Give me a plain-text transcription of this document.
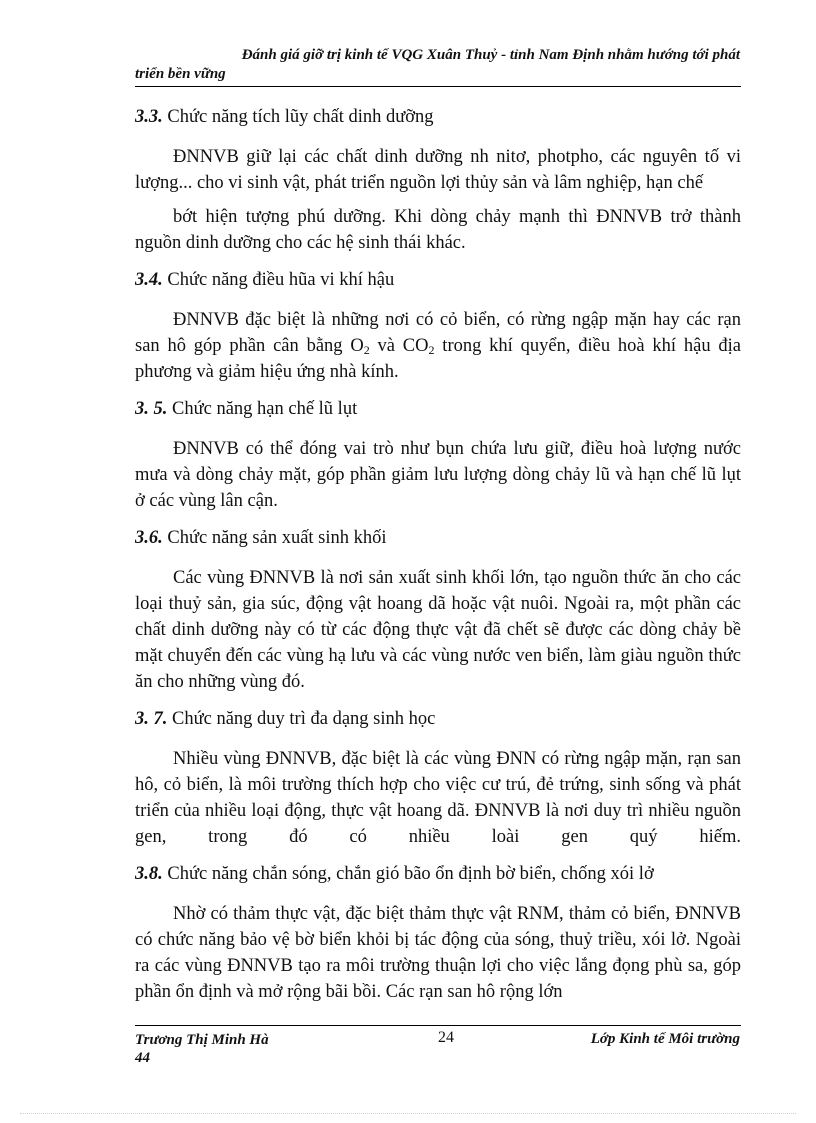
Đánh giá giỡ trị kinh tế VQG Xuân Thuỷ - tỉnh Nam Định nhằm hướng tới phát
triển bền vững
3.3. Chức năng tích lũy chất dinh dưỡng
ĐNNVB giữ lại các chất dinh dưỡng nh nitơ, photpho, các nguyên tố vi lượng... cho vi sinh vật, phát triển nguồn lợi thủy sản và lâm nghiệp, hạn chế
bớt hiện tượng phú dưỡng. Khi dòng chảy mạnh thì ĐNNVB trở thành nguồn dinh dưỡng cho các hệ sinh thái khác.
3.4. Chức năng điều hũa vi khí hậu
ĐNNVB đặc biệt là những nơi có cỏ biển, có rừng ngập mặn hay các rạn san hô góp phần cân bằng $O_2$ và $CO_2$ trong khí quyển, điều hoà khí hậu địa phương và giảm hiệu ứng nhà kính.
3. 5. Chức năng hạn chế lũ lụt
ĐNNVB có thể đóng vai trò như bụn chứa lưu giữ, điều hoà lượng nước mưa và dòng chảy mặt, góp phần giảm lưu lượng dòng chảy lũ và hạn chế lũ lụt ở các vùng lân cận.
3.6. Chức năng sản xuất sinh khối
Các vùng ĐNNVB là nơi sản xuất sinh khối lớn, tạo nguồn thức ăn cho các loại thuỷ sản, gia súc, động vật hoang dã hoặc vật nuôi. Ngoài ra, một phần các chất dinh dưỡng này có từ các động thực vật đã chết sẽ được các dòng chảy bề mặt chuyển đến các vùng hạ lưu và các vùng nước ven biển, làm giàu nguồn thức ăn cho những vùng đó.
3. 7. Chức năng duy trì đa dạng sinh học
Nhiều vùng ĐNNVB, đặc biệt là các vùng ĐNN có rừng ngập mặn, rạn san hô, cỏ biển, là môi trường thích hợp cho việc cư trú, đẻ trứng, sinh sống và phát triển của nhiều loại động, thực vật hoang dã. ĐNNVB là nơi duy trì nhiều nguồn gen, trong đó có nhiều loài gen quý hiếm.
3.8. Chức năng chắn sóng, chắn gió bão ổn định bờ biển, chống xói lở
Nhờ có thảm thực vật, đặc biệt thảm thực vật RNM, thảm cỏ biển, ĐNNVB có chức năng bảo vệ bờ biển khỏi bị tác động của sóng, thuỷ triều, xói lở. Ngoài ra các vùng ĐNNVB tạo ra môi trường thuận lợi cho việc lắng đọng phù sa, góp phần ổn định và mở rộng bãi bồi. Các rạn san hô rộng lớn
Trương Thị Minh Hà
44
24	Lớp Kinh tế Môi trường
